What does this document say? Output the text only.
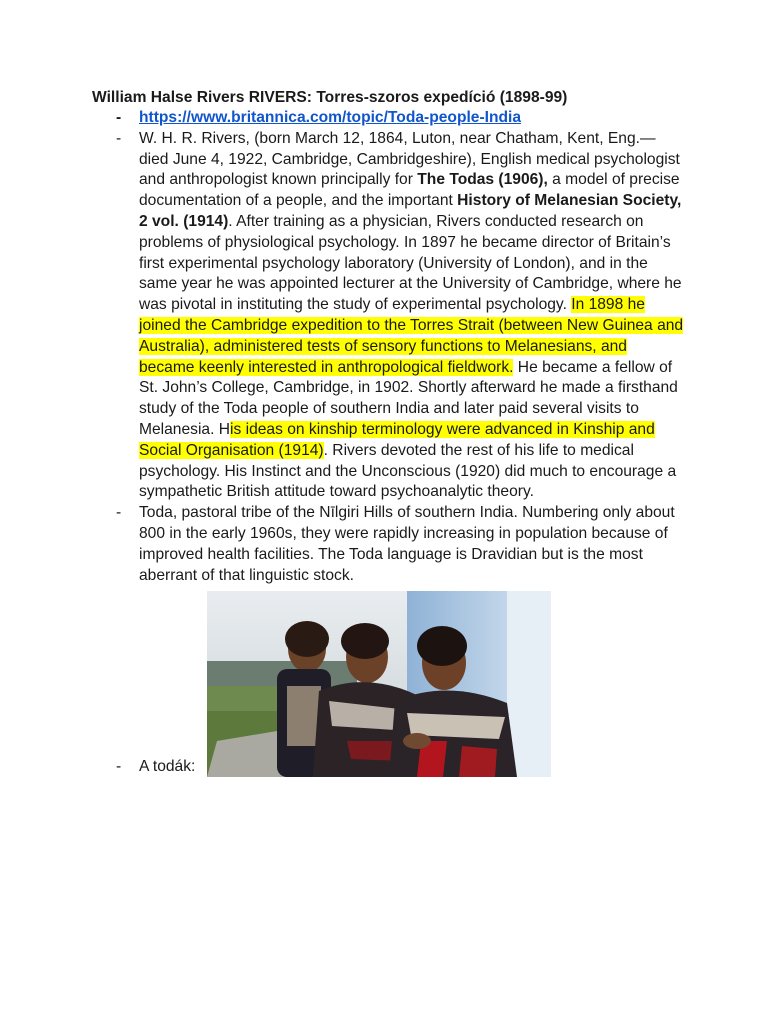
William Halse Rivers RIVERS: Torres-szoros expedíció (1898-99)

- https://www.britannica.com/topic/Toda-people-India
- W. H. R. Rivers, (born March 12, 1864, Luton, near Chatham, Kent, Eng.—died June 4, 1922, Cambridge, Cambridgeshire), English medical psychologist and anthropologist known principally for The Todas (1906), a model of precise documentation of a people, and the important History of Melanesian Society, 2 vol. (1914). After training as a physician, Rivers conducted research on problems of physiological psychology. In 1897 he became director of Britain’s first experimental psychology laboratory (University of London), and in the same year he was appointed lecturer at the University of Cambridge, where he was pivotal in instituting the study of experimental psychology. In 1898 he joined the Cambridge expedition to the Torres Strait (between New Guinea and Australia), administered tests of sensory functions to Melanesians, and became keenly interested in anthropological fieldwork. He became a fellow of St. John’s College, Cambridge, in 1902. Shortly afterward he made a firsthand study of the Toda people of southern India and later paid several visits to Melanesia. His ideas on kinship terminology were advanced in Kinship and Social Organisation (1914). Rivers devoted the rest of his life to medical psychology. His Instinct and the Unconscious (1920) did much to encourage a sympathetic British attitude toward psychoanalytic theory.

- Toda, pastoral tribe of the Nīlgiri Hills of southern India. Numbering only about 800 in the early 1960s, they were rapidly increasing in population because of improved health facilities. The Toda language is Dravidian but is the most aberrant of that linguistic stock.

- A todák:
